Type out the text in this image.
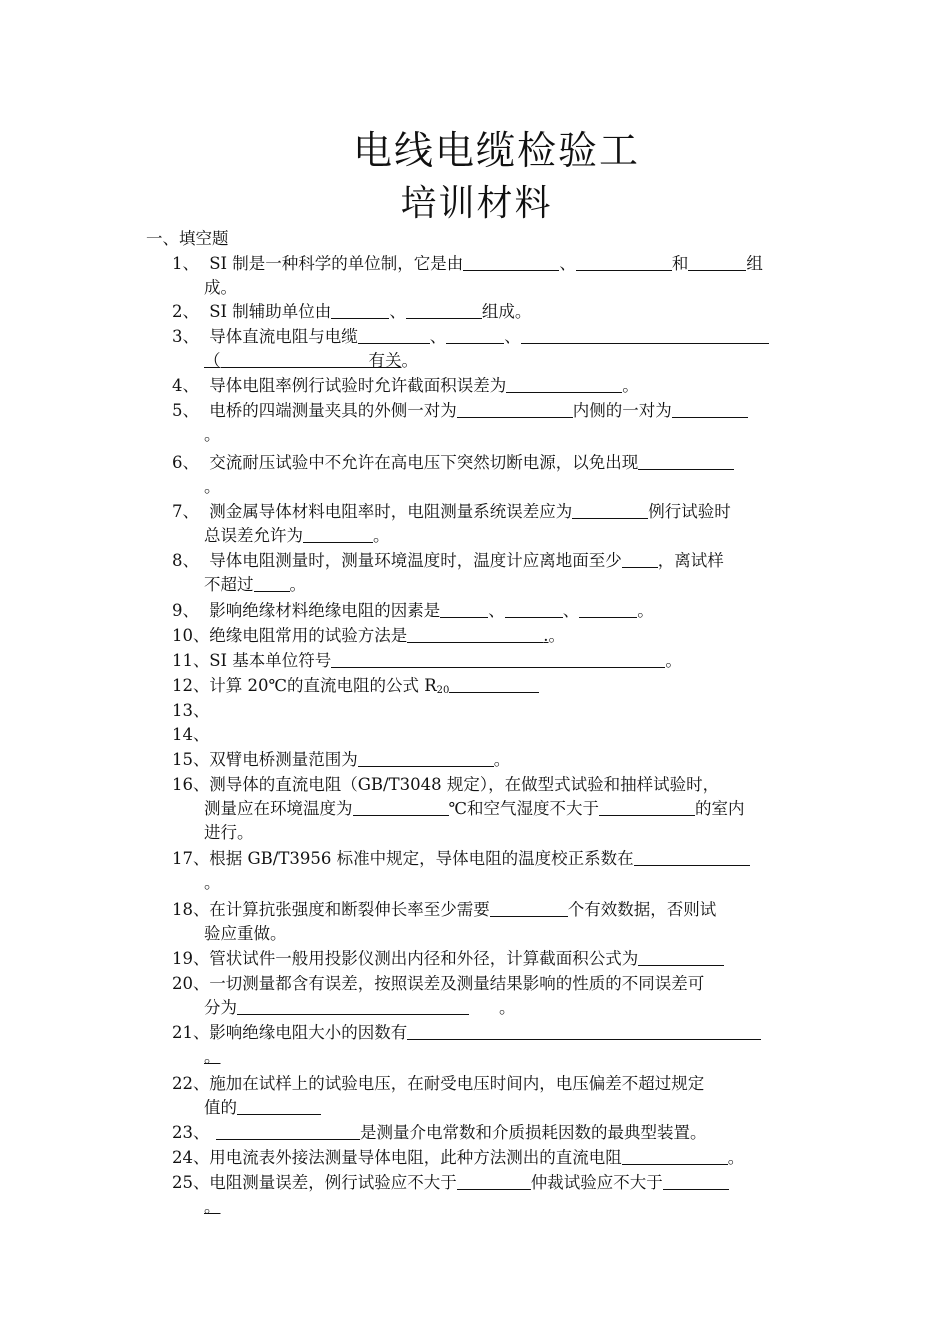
电线电缆检验工
培训材料
一、填空题
1、 SI 制是一种科学的单位制，它是由	、	和	组
成。
2、 SI 制辅助单位由	、	组成。
3、 导体直流电阻与电缆	、	、
（	有关。
4、 导体电阻率例行试验时允许截面积误差为	。
5、 电桥的四端测量夹具的外侧一对为	内侧的一对为
。
6、 交流耐压试验中不允许在高电压下突然切断电源，以免出现
。
7、 测金属导体材料电阻率时，电阻测量系统误差应为	例行试验时
总误差允许为	。
8、 导体电阻测量时，测量环境温度时，温度计应离地面至少 ，离试样
不超过 。
9、 影响绝缘材料绝缘电阻的因素是	、	、	。
10、 绝缘电阻常用的试验方法是	.。
11、 SI 基本单位符号	。
12、 计算 20℃的直流电阻的公式 $R_{20}$
13、
14、
15、 双臂电桥测量范围为	。
16、 测导体的直流电阻（GB/T3048 规定），在做型式试验和抽样试验时，
测量应在环境温度为	℃和空气湿度不大于	的室内
进行。
17、 根据 GB/T3956 标准中规定，导体电阻的温度校正系数在
。
18、 在计算抗张强度和断裂伸长率至少需要	个有效数据，否则试
验应重做。
19、 管状试件一般用投影仪测出内径和外径，计算截面积公式为
20、 一切测量都含有误差，按照误差及测量结果影响的性质的不同误差可
分为	。
21、 影响绝缘电阻大小的因数有
。
22、 施加在试样上的试验电压，在耐受电压时间内，电压偏差不超过规定
值的
23、	是测量介电常数和介质损耗因数的最典型装置。
24、 用电流表外接法测量导体电阻，此种方法测出的直流电阻	。
25、 电阻测量误差，例行试验应不大于	仲裁试验应不大于
。
